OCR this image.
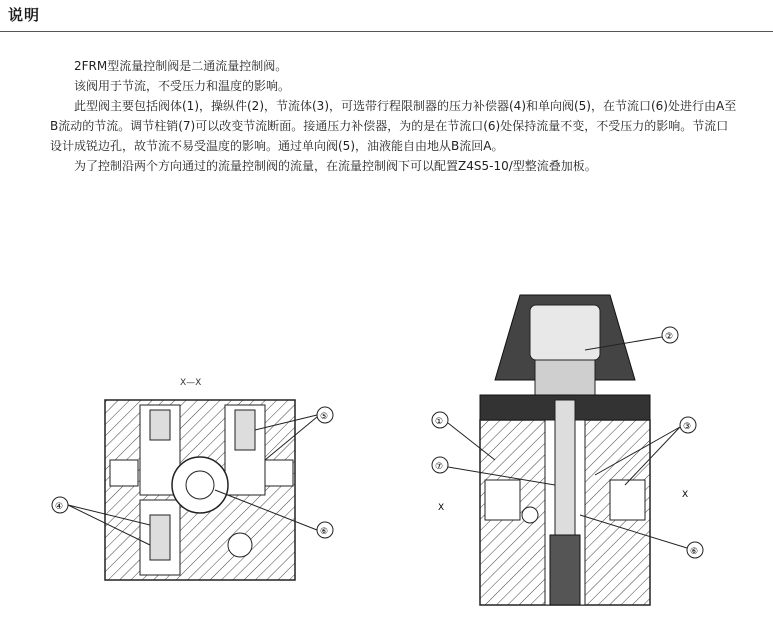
说明

2FRM型流量控制阀是二通流量控制阀。

该阀用于节流，不受压力和温度的影响。

此型阀主要包括阀体(1)，操纵件(2)，节流体(3)，可选带行程限制器的压力补偿器(4)和单向阀(5)，在节流口(6)处进行由A至B流动的节流。调节柱销(7)可以改变节流断面。接通压力补偿器，为的是在节流口(6)处保持流量不变，不受压力的影响。节流口设计成锐边孔，故节流不易受温度的影响。通过单向阀(5)，油液能自由地从B流回A。

为了控制沿两个方向通过的流量控制阀的流量，在流量控制阀下可以配置Z4S5-10/型整流叠加板。

X—X
⑤
④
⑥
X
X
①
②
③
⑦
⑥
